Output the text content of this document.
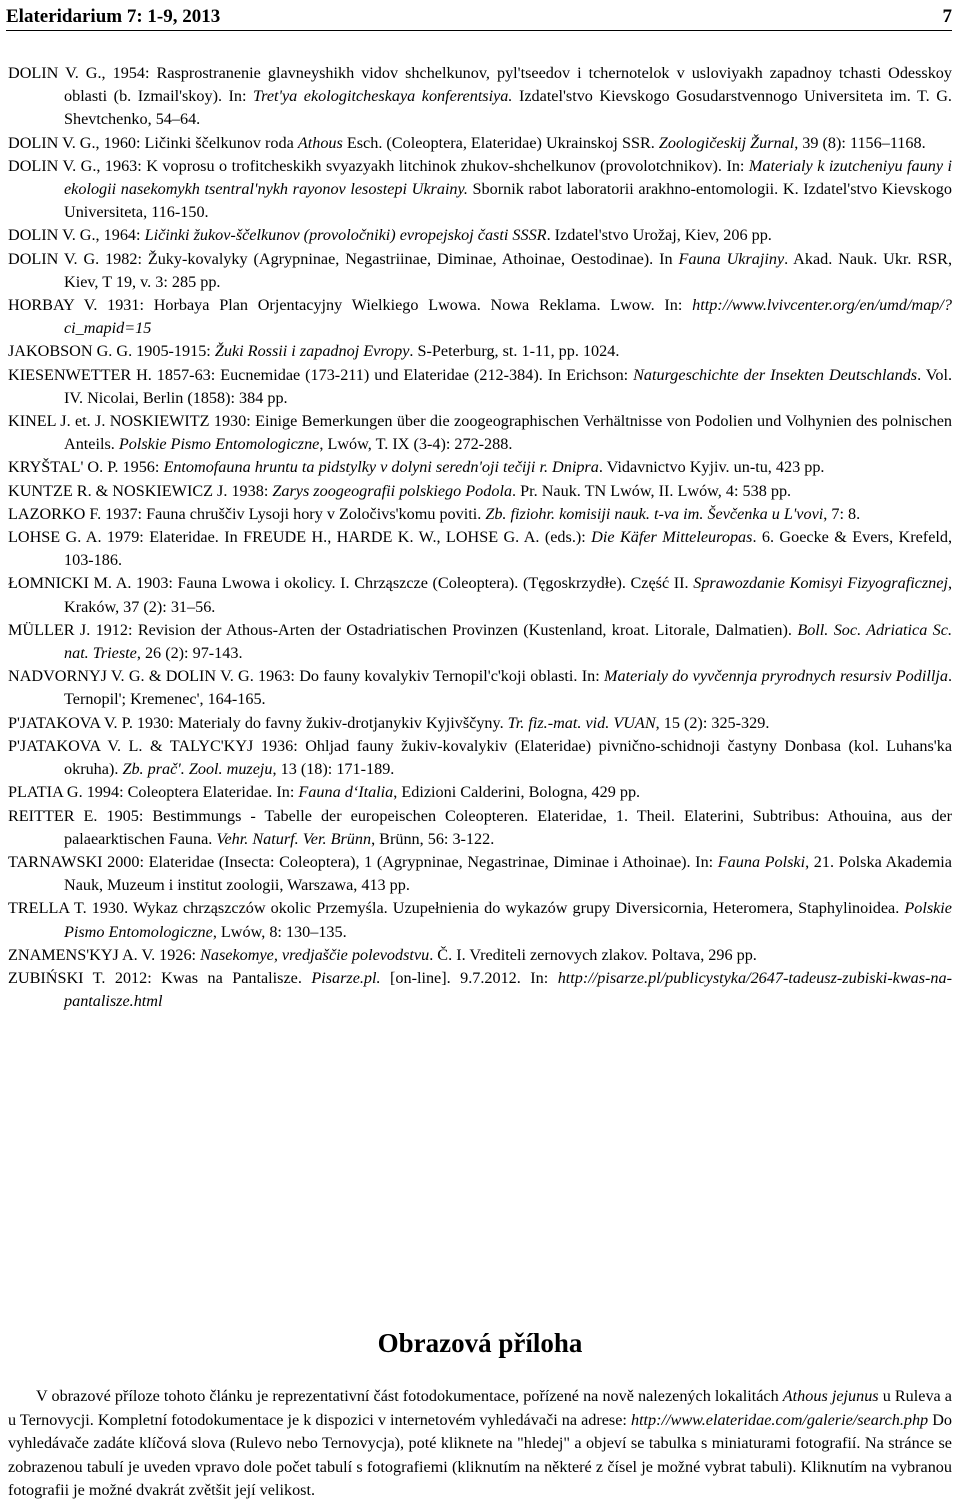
Elateridarium 7: 1-9, 2013	7

DOLIN V. G., 1954: Rasprostranenie glavneyshikh vidov shchelkunov, pyl'tseedov i tchernotelok v usloviyakh zapadnoy tchasti Odesskoy oblasti (b. Izmail'skoy). In: Tret'ya ekologitcheskaya konferentsiya. Izdatel'stvo Kievskogo Gosudarstvennogo Universiteta im. T. G. Shevtchenko, 54–64.

DOLIN V. G., 1960: Ličinki ščelkunov roda Athous Esch. (Coleoptera, Elateridae) Ukrainskoj SSR. Zoologičeskij Žurnal, 39 (8): 1156–1168.

DOLIN V. G., 1963: K voprosu o trofitcheskikh svyazyakh litchinok zhukov-shchelkunov (provolotchnikov). In: Materialy k izutcheniyu fauny i ekologii nasekomykh tsentral'nykh rayonov lesostepi Ukrainy. Sbornik rabot laboratorii arakhno-entomologii. K. Izdatel'stvo Kievskogo Universiteta, 116-150.

DOLIN V. G., 1964: Ličinki žukov-ščelkunov (provoločniki) evropejskoj časti SSSR. Izdatel'stvo Urožaj, Kiev, 206 pp.

DOLIN V. G. 1982: Žuky-kovalyky (Agrypninae, Negastriinae, Diminae, Athoinae, Oestodinae). In Fauna Ukrajiny. Akad. Nauk. Ukr. RSR, Kiev, T 19, v. 3: 285 pp.

HORBAY V. 1931: Horbaya Plan Orjentacyjny Wielkiego Lwowa. Nowa Reklama. Lwow. In: http://www.lvivcenter.org/en/umd/map/?ci_mapid=15

JAKOBSON G. G. 1905-1915: Žuki Rossii i zapadnoj Evropy. S-Peterburg, st. 1-11, pp. 1024.

KIESENWETTER H. 1857-63: Eucnemidae (173-211) und Elateridae (212-384). In Erichson: Naturgeschichte der Insekten Deutschlands. Vol. IV. Nicolai, Berlin (1858): 384 pp.

KINEL J. et. J. NOSKIEWITZ 1930: Einige Bemerkungen über die zoogeographischen Verhältnisse von Podolien und Volhynien des polnischen Anteils. Polskie Pismo Entomologiczne, Lwów, T. IX (3-4): 272-288.

KRYŠTAL' O. P. 1956: Entomofauna hruntu ta pidstylky v dolyni seredn'oji tečiji r. Dnipra. Vidavnictvo Kyjiv. un-tu, 423 pp.

KUNTZE R. & NOSKIEWICZ J. 1938: Zarys zoogeografii polskiego Podola. Pr. Nauk. TN Lwów, II. Lwów, 4: 538 pp.

LAZORKO F. 1937: Fauna chruščiv Lysoji hory v Zoločivs'komu poviti. Zb. fiziohr. komisiji nauk. t-va im. Ševčenka u L'vovi, 7: 8.

LOHSE G. A. 1979: Elateridae. In FREUDE H., HARDE K. W., LOHSE G. A. (eds.): Die Käfer Mitteleuropas. 6. Goecke & Evers, Krefeld, 103-186.

ŁOMNICKI M. A. 1903: Fauna Lwowa i okolicy. I. Chrząszcze (Coleoptera). (Tęgoskrzydłe). Część II. Sprawozdanie Komisyi Fizyograficznej, Kraków, 37 (2): 31–56.

MÜLLER J. 1912: Revision der Athous-Arten der Ostadriatischen Provinzen (Kustenland, kroat. Litorale, Dalmatien). Boll. Soc. Adriatica Sc. nat. Trieste, 26 (2): 97-143.

NADVORNYJ V. G. & DOLIN V. G. 1963: Do fauny kovalykiv Ternopil'c'koji oblasti. In: Materialy do vyvčennja pryrodnych resursiv Podillja. Ternopil'; Kremenec', 164-165.

P'JATAKOVA V. P. 1930: Materialy do favny žukiv-drotjanykiv Kyjivščyny. Tr. fiz.-mat. vid. VUAN, 15 (2): 325-329.

P'JATAKOVA V. L. & TALYC'KYJ 1936: Ohljad fauny žukiv-kovalykiv (Elateridae) pivnično-schidnoji častyny Donbasa (kol. Luhans'ka okruha). Zb. prač'. Zool. muzeju, 13 (18): 171-189.

PLATIA G. 1994: Coleoptera Elateridae. In: Fauna d‘Italia, Edizioni Calderini, Bologna, 429 pp.

REITTER E. 1905: Bestimmungs - Tabelle der europeischen Coleopteren. Elateridae, 1. Theil. Elaterini, Subtribus: Athouina, aus der palaearktischen Fauna. Vehr. Naturf. Ver. Brünn, Brünn, 56: 3-122.

TARNAWSKI 2000: Elateridae (Insecta: Coleoptera), 1 (Agrypninae, Negastrinae, Diminae i Athoinae). In: Fauna Polski, 21. Polska Akademia Nauk, Muzeum i institut zoologii, Warszawa, 413 pp.

TRELLA T. 1930. Wykaz chrząszczów okolic Przemyśla. Uzupełnienia do wykazów grupy Diversicornia, Heteromera, Staphylinoidea. Polskie Pismo Entomologiczne, Lwów, 8: 130–135.

ZNAMENS'KYJ A. V. 1926: Nasekomye, vredjaščie polevodstvu. Č. I. Vrediteli zernovych zlakov. Poltava, 296 pp.

ZUBIŃSKI T. 2012: Kwas na Pantalisze. Pisarze.pl. [on-line]. 9.7.2012. In: http://pisarze.pl/publicystyka/2647-tadeusz-zubiski-kwas-na-pantalisze.html

Obrazová příloha

V obrazové příloze tohoto článku je reprezentativní část fotodokumentace, pořízené na nově nalezených lokalitách Athous jejunus u Ruleva a u Ternovycji. Kompletní fotodokumentace je k dispozici v internetovém vyhledávači na adrese: http://www.elateridae.com/galerie/search.php Do vyhledávače zadáte klíčová slova (Rulevo nebo Ternovycja), poté kliknete na "hledej" a objeví se tabulka s miniaturami fotografií. Na stránce se zobrazenou tabulí je uveden vpravo dole počet tabulí s fotografiemi (kliknutím na některé z čísel je možné vybrat tabuli). Kliknutím na vybranou fotografii je možné dvakrát zvětšit její velikost.
